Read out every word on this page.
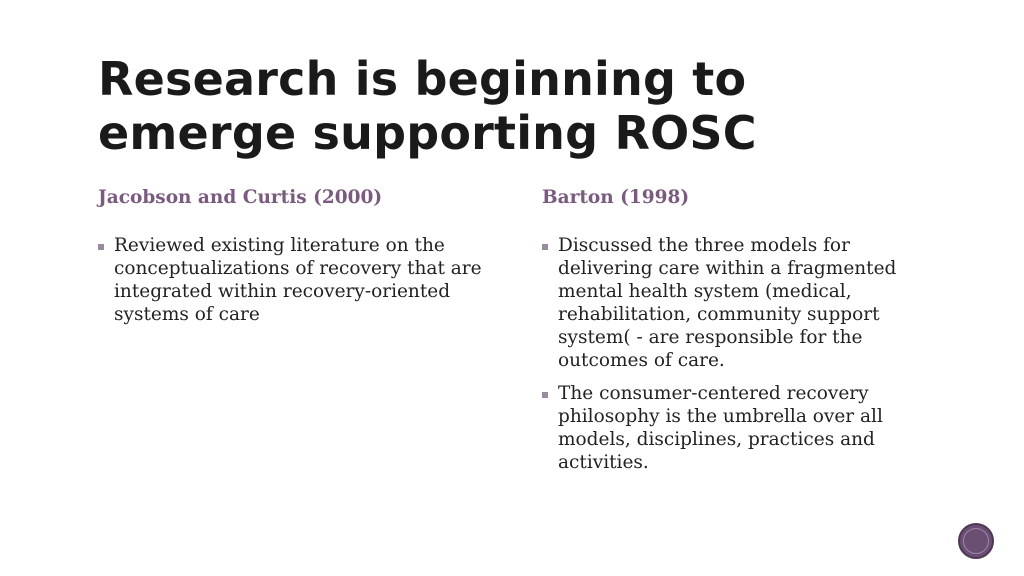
Research is beginning to emerge supporting ROSC
Jacobson and Curtis (2000)
Reviewed existing literature on the conceptualizations of recovery that are integrated within recovery-oriented systems of care
Barton (1998)
Discussed the three models for delivering care within a fragmented mental health system (medical, rehabilitation, community support system( - are responsible for the outcomes of care.
The consumer-centered recovery philosophy is the umbrella over all models, disciplines, practices and activities.
